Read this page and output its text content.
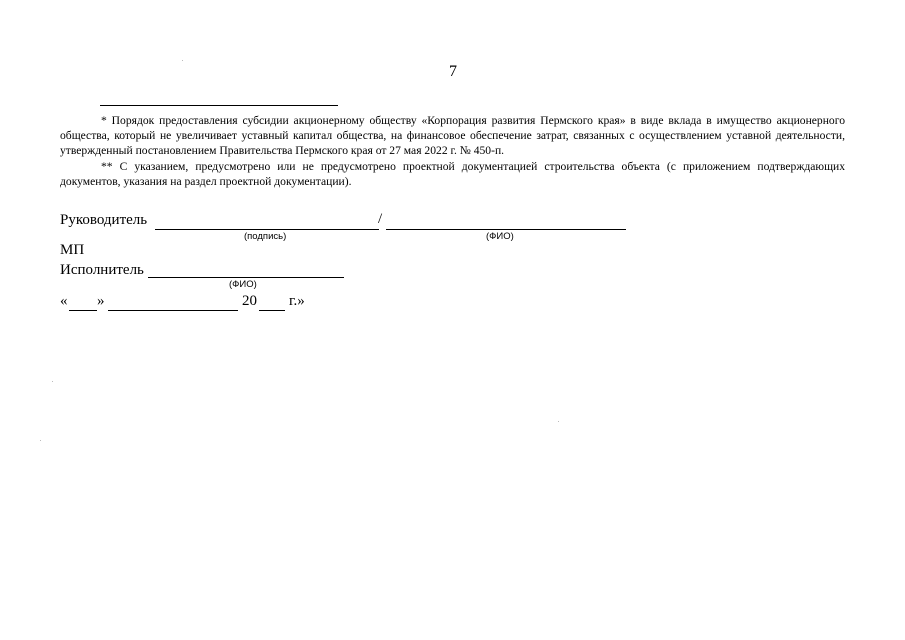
7

* Порядок предоставления субсидии акционерному обществу «Корпорация развития Пермского края» в виде вклада в имущество акционерного общества, который не увеличивает уставный капитал общества, на финансовое обеспечение затрат, связанных с осуществлением уставной деятельности, утвержденный постановлением Правительства Пермского края от 27 мая 2022 г. № 450-п.

** С указанием, предусмотрено или не предусмотрено проектной документацией строительства объекта (с приложением подтверждающих документов, указания на раздел проектной документации).

Руководитель	/
(подпись)	(ФИО)
МП
Исполнитель
(ФИО)
« »	20 г.»
